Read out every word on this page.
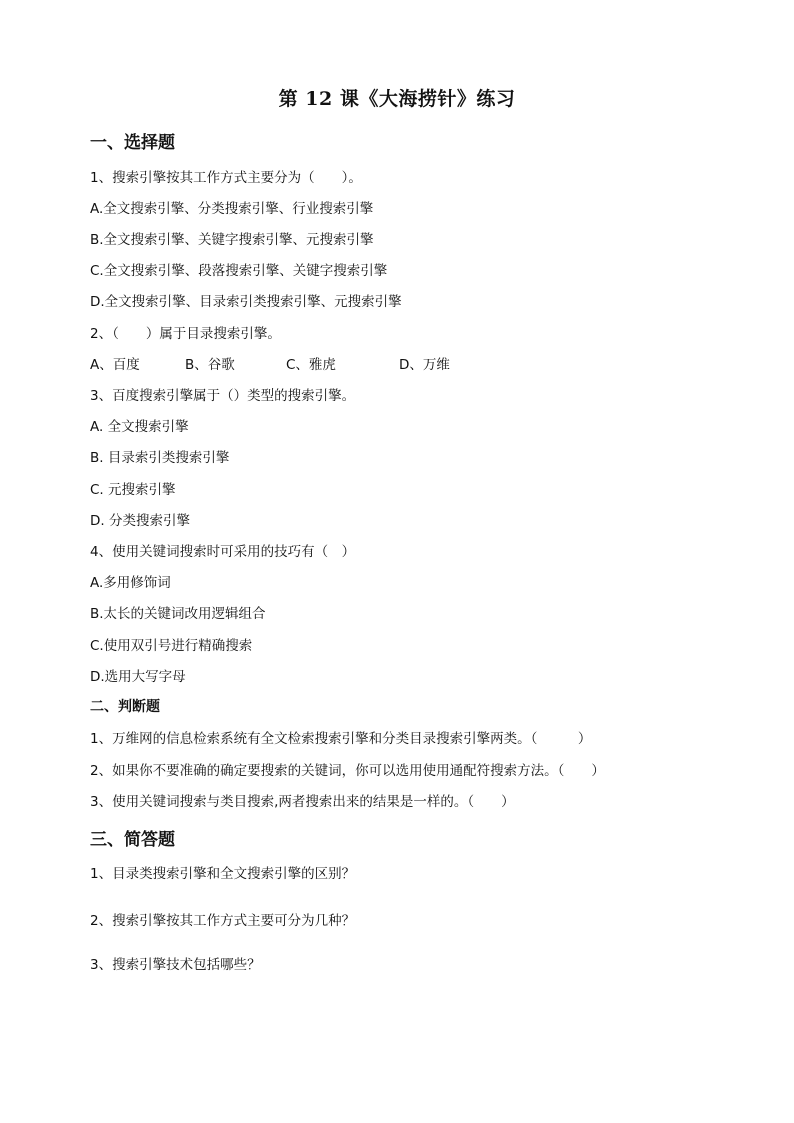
第 12 课《大海捞针》练习
一、选择题
1、搜索引擎按其工作方式主要分为（　　）。
A.全文搜索引擎、分类搜索引擎、行业搜索引擎
B.全文搜索引擎、关键字搜索引擎、元搜索引擎
C.全文搜索引擎、段落搜索引擎、关键字搜索引擎
D.全文搜索引擎、目录索引类搜索引擎、元搜索引擎
2、（　　）属于目录搜索引擎。
A、百度	B、谷歌	C、雅虎	D、万维
3、百度搜索引擎属于（）类型的搜索引擎。
A. 全文搜索引擎
B. 目录索引类搜索引擎
C. 元搜索引擎
D. 分类搜索引擎
4、使用关键词搜索时可采用的技巧有（　）
A.多用修饰词
B.太长的关键词改用逻辑组合
C.使用双引号进行精确搜索
D.选用大写字母
二、判断题
1、万维网的信息检索系统有全文检索搜索引擎和分类目录搜索引擎两类。（　　　）
2、如果你不要准确的确定要搜索的关键词，你可以选用使用通配符搜索方法。（　　）
3、使用关键词搜索与类目搜索,两者搜索出来的结果是一样的。（　　）
三、简答题
1、目录类搜索引擎和全文搜索引擎的区别？
2、搜索引擎按其工作方式主要可分为几种？
3、搜索引擎技术包括哪些？
